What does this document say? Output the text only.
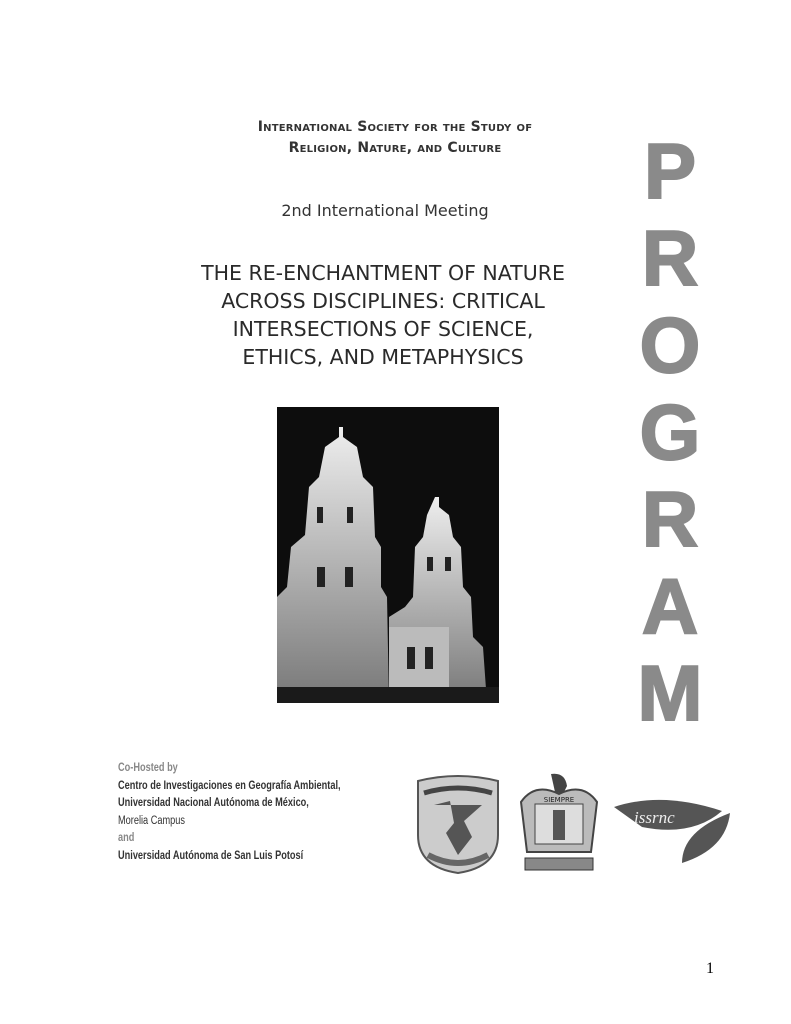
International Society for the Study of
Religion, Nature, and Culture
2nd International Meeting
THE RE-ENCHANTMENT OF NATURE
ACROSS DISCIPLINES: CRITICAL
INTERSECTIONS OF SCIENCE,
ETHICS, AND METAPHYSICS
P
R
O
G
R
A
M
Co-Hosted by
Centro de Investigaciones en Geografía Ambiental,
Universidad Nacional Autónoma de México,
Morelia Campus
and
Universidad Autónoma de San Luis Potosí
SIEMPRE
issrnc
1
